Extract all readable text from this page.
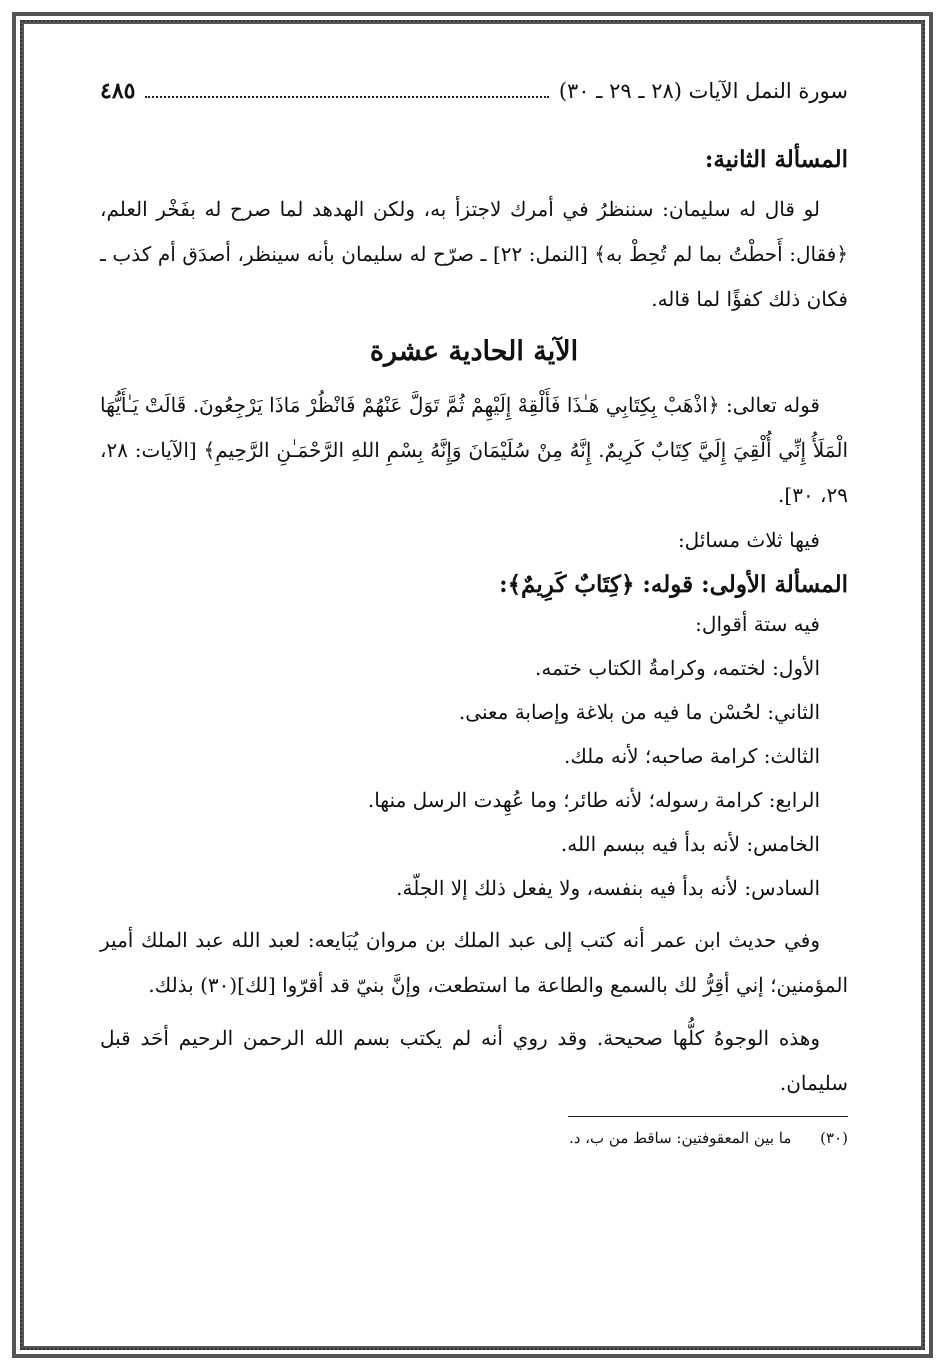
سورة النمل الآيات (٢٨ ـ ٢٩ ـ ٣٠)
٤٨٥
المسألة الثانية:

لو قال له سليمان: سننظرُ في أمرك لاجتزأ به، ولكن الهدهد لما صرح له بفَخْر العلم، ﴿فقال: أَحطْتُ بما لم تُحِطْ به﴾ [النمل: ٢٢] ـ صرّح له سليمان بأنه سينظر، أصدَق أم كذب ـ فكان ذلك كفؤًا لما قاله.

الآية الحادية عشرة

قوله تعالى: ﴿اذْهَبْ بِكِتَابِي هَـٰذَا فَأَلْقِهْ إِلَيْهِمْ ثُمَّ تَوَلَّ عَنْهُمْ فَانْظُرْ مَاذَا يَرْجِعُونَ. قَالَتْ يَـٰأَيُّهَا الْمَلَأُ إِنِّي أُلْقِيَ إِلَيَّ كِتَابٌ كَرِيمٌ. إِنَّهُ مِنْ سُلَيْمَانَ وَإِنَّهُ بِسْمِ اللهِ الرَّحْمَـٰنِ الرَّحِيمِ﴾ [الآيات: ٢٨، ٢٩، ٣٠].

فيها ثلاث مسائل:

المسألة الأولى: قوله: ﴿كِتَابٌ كَرِيمٌ﴾:
فيه ستة أقوال:
الأول: لختمه، وكرامةُ الكتاب ختمه.
الثاني: لحُسْن ما فيه من بلاغة وإصابة معنى.
الثالث: كرامة صاحبه؛ لأنه ملك.
الرابع: كرامة رسوله؛ لأنه طائر؛ وما عُهِدت الرسل منها.
الخامس: لأنه بدأ فيه ببسم الله.
السادس: لأنه بدأ فيه بنفسه، ولا يفعل ذلك إلا الجلّة.

وفي حديث ابن عمر أنه كتب إلى عبد الملك بن مروان يُبَايعه: لعبد الله عبد الملك أمير المؤمنين؛ إني أقِرُّ لك بالسمع والطاعة ما استطعت، وإنَّ بنيّ قد أقرّوا [لك](٣٠) بذلك.

وهذه الوجوهُ كلُّها صحيحة. وقد روي أنه لم يكتب بسم الله الرحمن الرحيم أحَد قبل سليمان.

(٣٠) ما بين المعقوفتين: ساقط من ب، د.
